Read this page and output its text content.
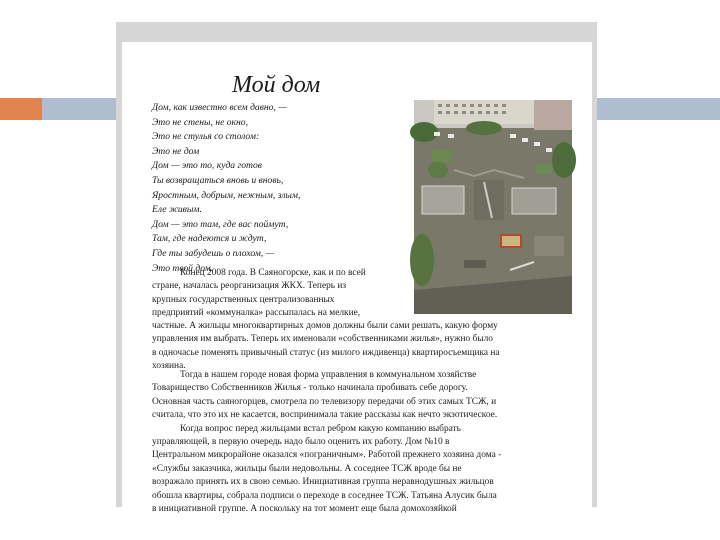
Мой дом
Дом, как известно всем давно, —
Это не стены, не окно,
Это не стулья со столом:
Это не дом
Дом — это то, куда готов
Ты возвращаться вновь и вновь,
Яростным, добрым, нежным, злым,
Еле живым.
Дом — это там, где вас поймут,
Там, где надеются и ждут,
Где ты забудешь о плохом, —
Это твой дом.
Конец 2008 года. В Саяногорске, как и по всей
стране, началась реорганизация ЖКХ. Теперь из
крупных государственных централизованных
предприятий «коммуналка» рассыпалась на мелкие,
частные. А жильцы многоквартирных домов должны были сами решать, какую форму
управления им выбрать. Теперь их именовали «собственниками жилья», нужно было
в одночасье поменять привычный статус (из милого иждивенца) квартиросъемщика на
хозяина.
Тогда в нашем городе новая форма управления в коммунальном хозяйстве
Товарищество Собственников Жилья - только начинала пробивать себе дорогу.
Основная часть саяногорцев, смотрела по телевизору передачи об этих самых ТСЖ, и
считала, что это их не касается, воспринимала такие рассказы как нечто экзотическое.
Когда вопрос перед жильцами встал ребром какую компанию выбрать
управляющей, в первую очередь надо было оценить их работу. Дом №10 в
Центральном микрорайоне оказался «пограничным». Работой прежнего хозяина дома -
«Службы заказчика, жильцы были недовольны. А соседнее ТСЖ вроде бы не
возражало принять их в свою семью. Инициативная группа неравнодушных жильцов
обошла квартиры, собрала подписи о переходе в соседнее ТСЖ. Татьяна Алусик была
в инициативной группе. А поскольку на тот момент еще была домохозяйкой
